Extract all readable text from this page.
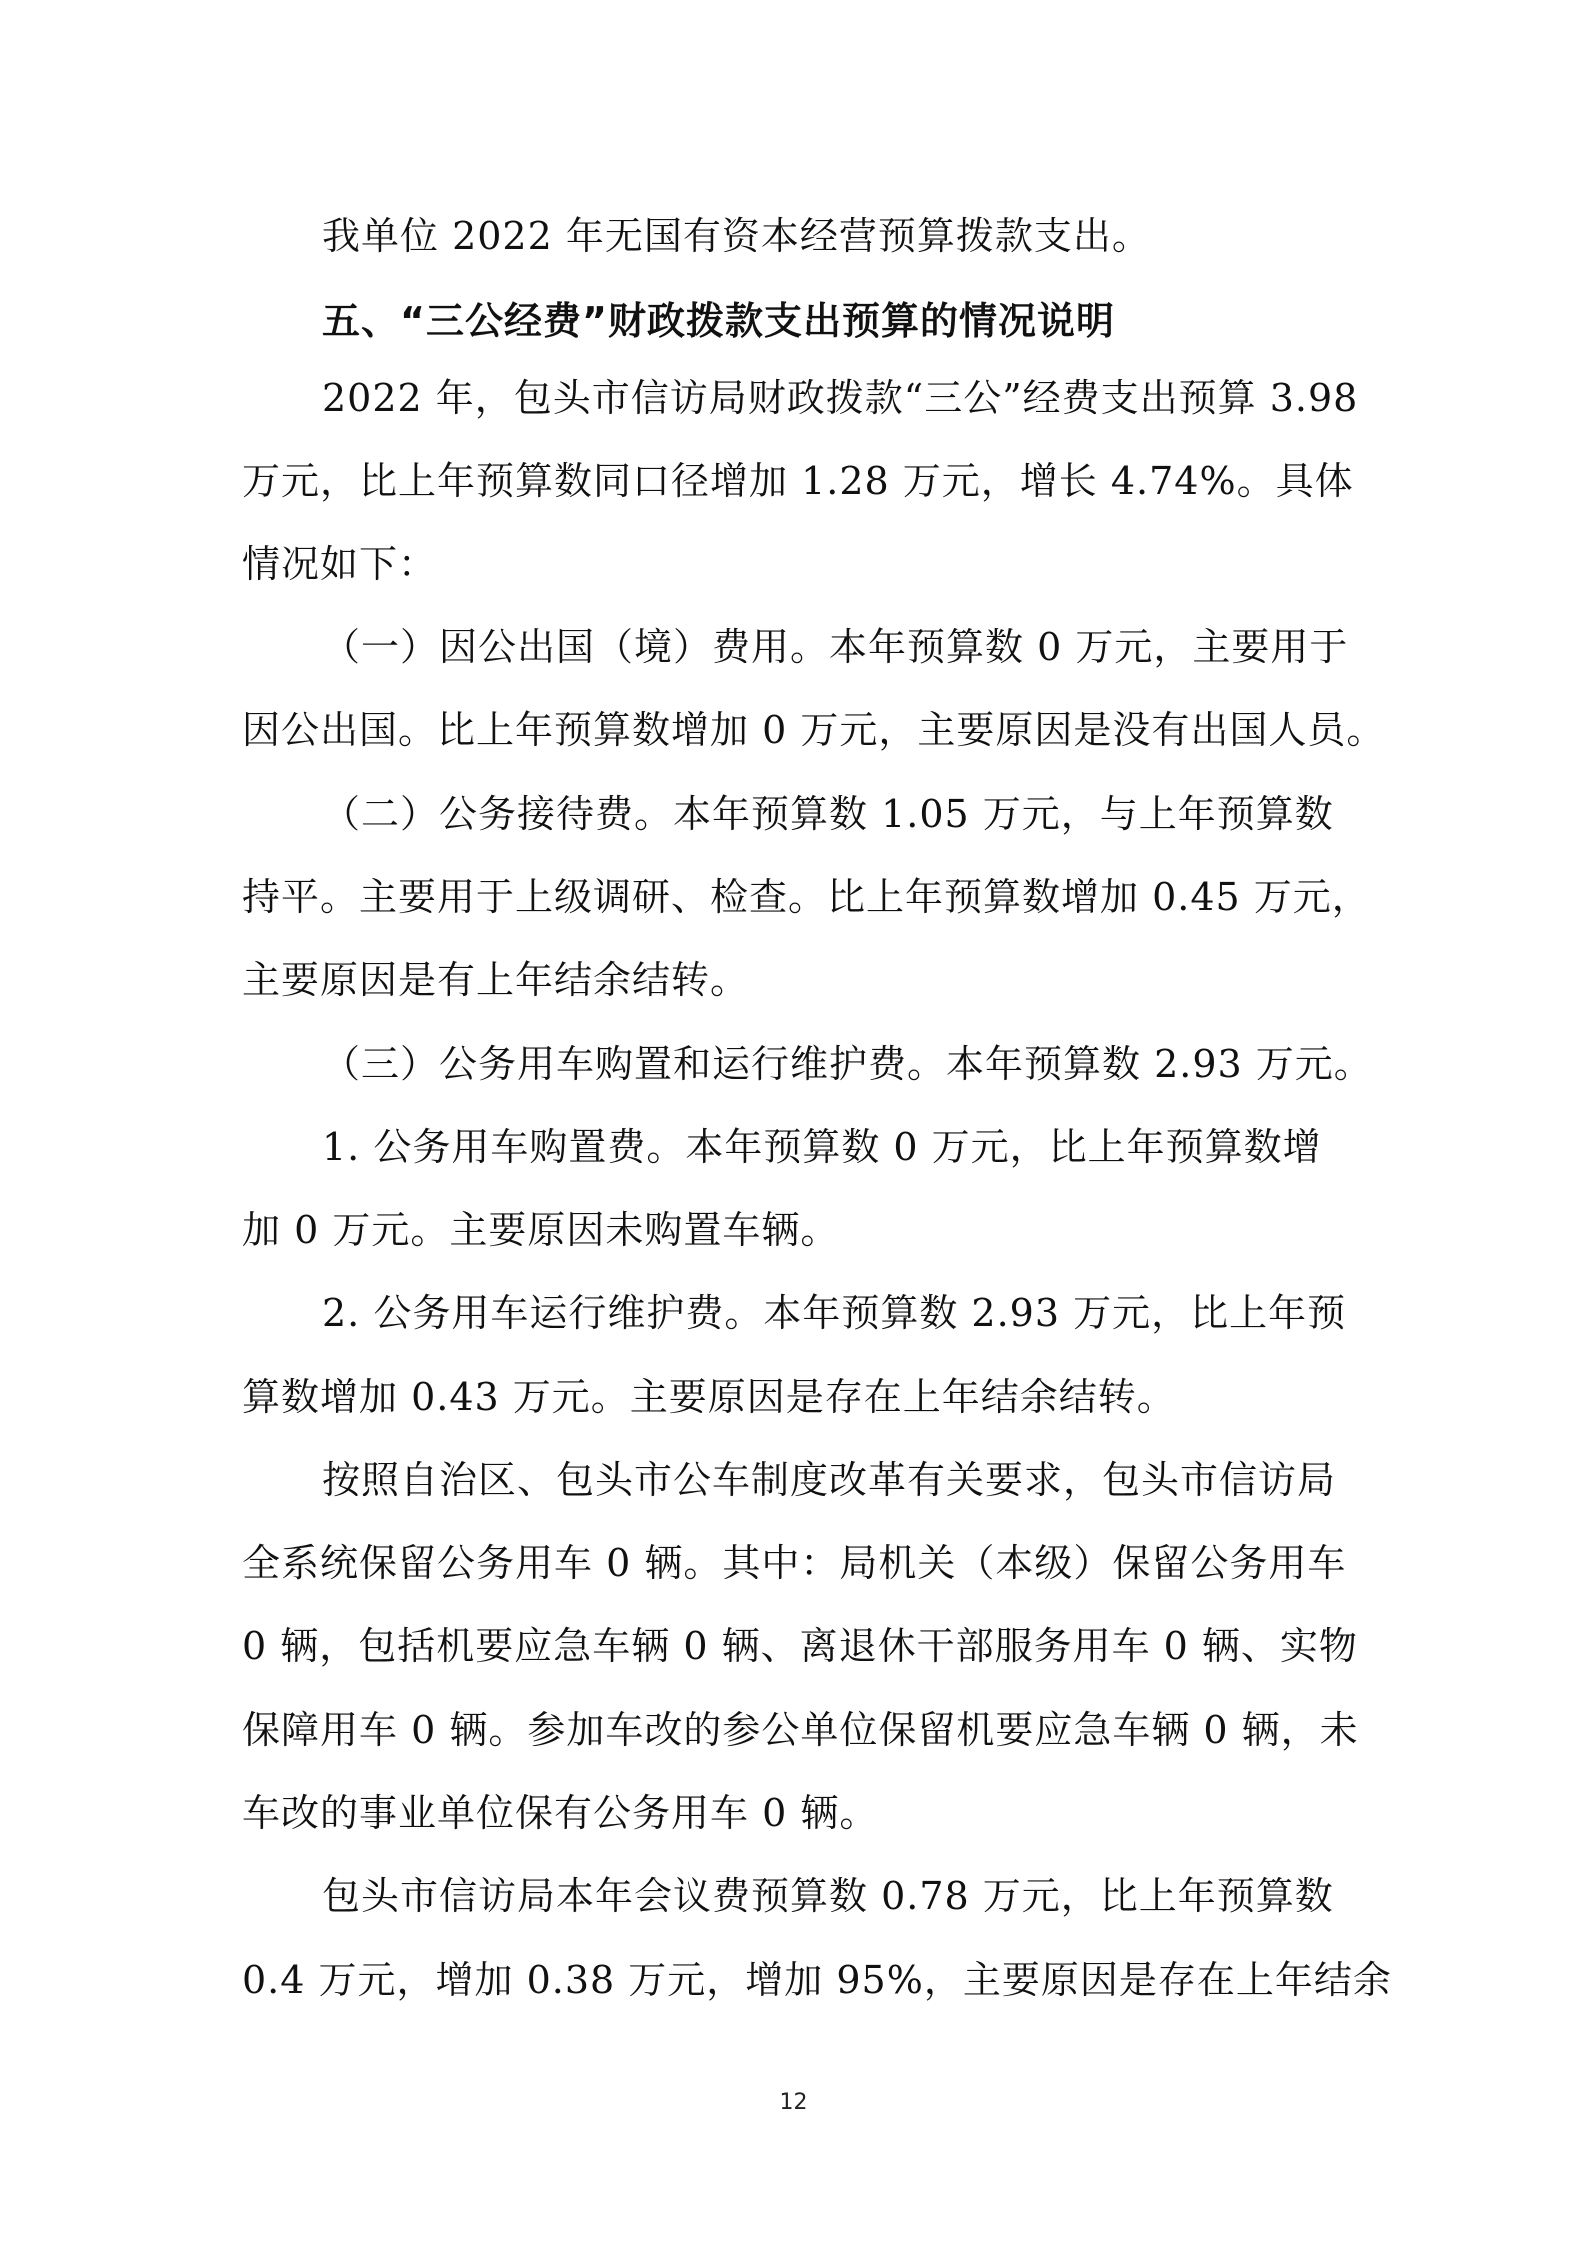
我单位 2022 年无国有资本经营预算拨款支出。
五、“三公经费”财政拨款支出预算的情况说明
2022 年，包头市信访局财政拨款“三公”经费支出预算 3.98
万元，比上年预算数同口径增加 1.28 万元，增长 4.74%。具体
情况如下：
（一）因公出国（境）费用。本年预算数 0 万元，主要用于
因公出国。比上年预算数增加 0 万元，主要原因是没有出国人员。
（二）公务接待费。本年预算数 1.05 万元，与上年预算数
持平。主要用于上级调研、检查。比上年预算数增加 0.45 万元，
主要原因是有上年结余结转。
（三）公务用车购置和运行维护费。本年预算数 2.93 万元。
1. 公务用车购置费。本年预算数 0 万元，比上年预算数增
加 0 万元。主要原因未购置车辆。
2. 公务用车运行维护费。本年预算数 2.93 万元，比上年预
算数增加 0.43 万元。主要原因是存在上年结余结转。
按照自治区、包头市公车制度改革有关要求，包头市信访局
全系统保留公务用车 0 辆。其中：局机关（本级）保留公务用车
0 辆，包括机要应急车辆 0 辆、离退休干部服务用车 0 辆、实物
保障用车 0 辆。参加车改的参公单位保留机要应急车辆 0 辆，未
车改的事业单位保有公务用车 0 辆。
包头市信访局本年会议费预算数 0.78 万元，比上年预算数
0.4 万元，增加 0.38 万元，增加 95%，主要原因是存在上年结余
12
